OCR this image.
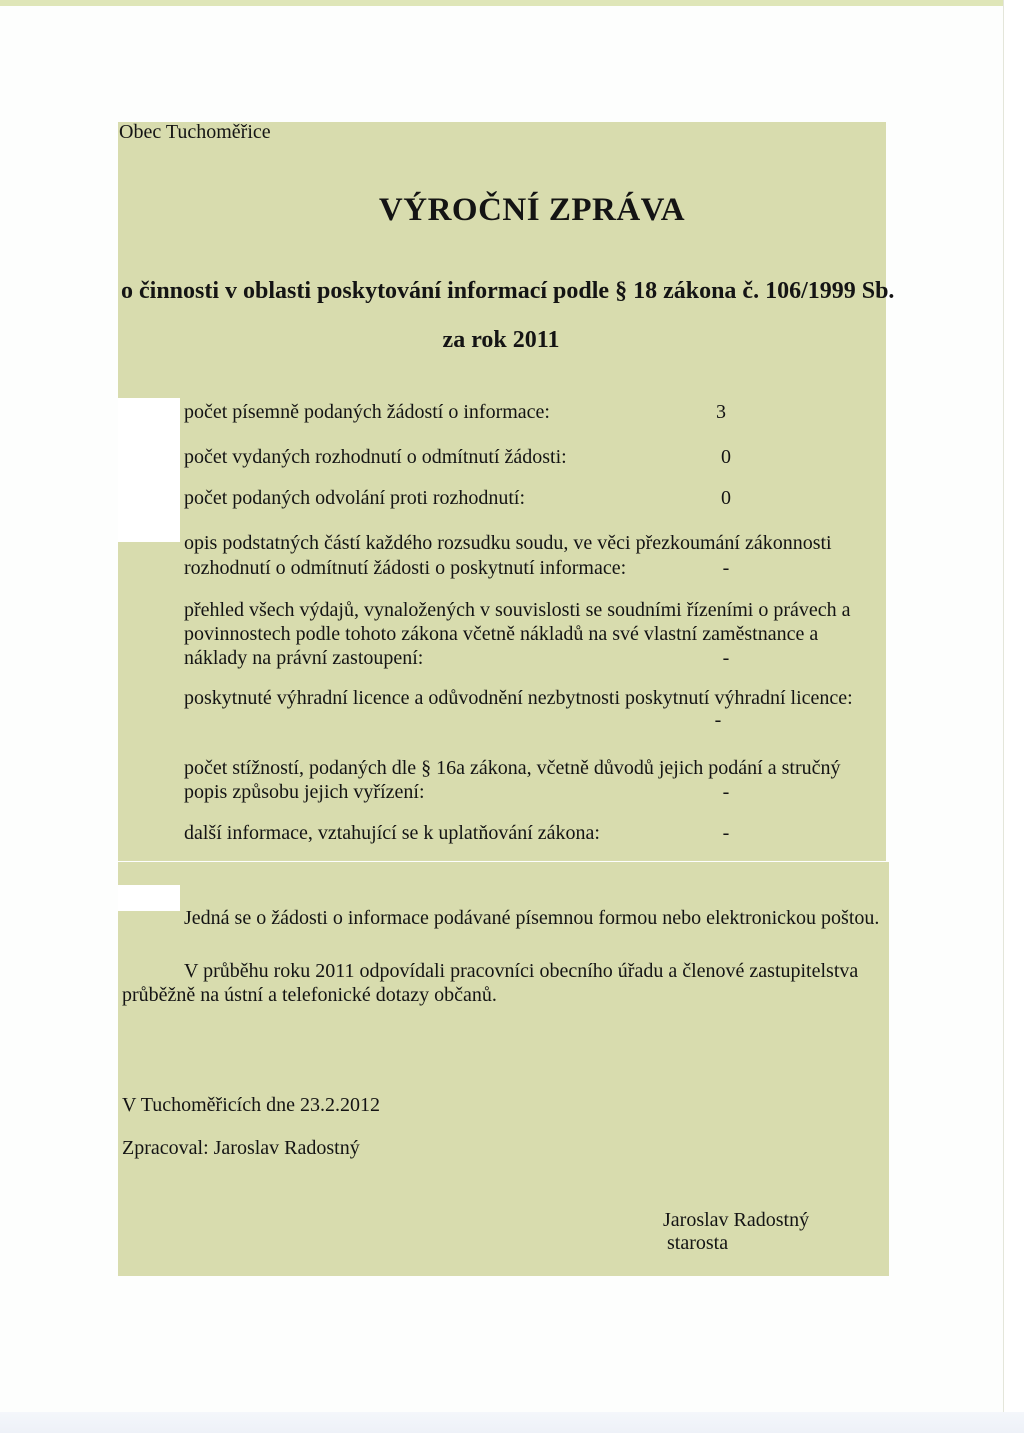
Obec Tuchoměřice
VÝROČNÍ ZPRÁVA
o činnosti v oblasti poskytování informací podle § 18 zákona č. 106/1999 Sb.
za rok 2011
počet písemně podaných žádostí o informace:	3
počet vydaných rozhodnutí o odmítnutí žádosti:	0
počet podaných odvolání proti rozhodnutí:	0
opis podstatných částí každého rozsudku soudu, ve věci přezkoumání zákonnosti
rozhodnutí o odmítnutí žádosti o poskytnutí informace:	-
přehled všech výdajů, vynaložených v souvislosti se soudními řízeními o právech a
povinnostech podle tohoto zákona včetně nákladů na své vlastní zaměstnance a
náklady na právní zastoupení:	-
poskytnuté výhradní licence a odůvodnění nezbytnosti poskytnutí výhradní licence:
-
počet stížností, podaných dle § 16a zákona, včetně důvodů jejich podání a stručný
popis způsobu jejich vyřízení:	-
další informace, vztahující se k uplatňování zákona:	-
Jedná se o žádosti o informace podávané písemnou formou nebo elektronickou poštou.
V průběhu roku 2011 odpovídali pracovníci obecního úřadu a členové zastupitelstva
průběžně na ústní a telefonické dotazy občanů.
V Tuchoměřicích dne 23.2.2012
Zpracoval: Jaroslav Radostný
Jaroslav Radostný
starosta
